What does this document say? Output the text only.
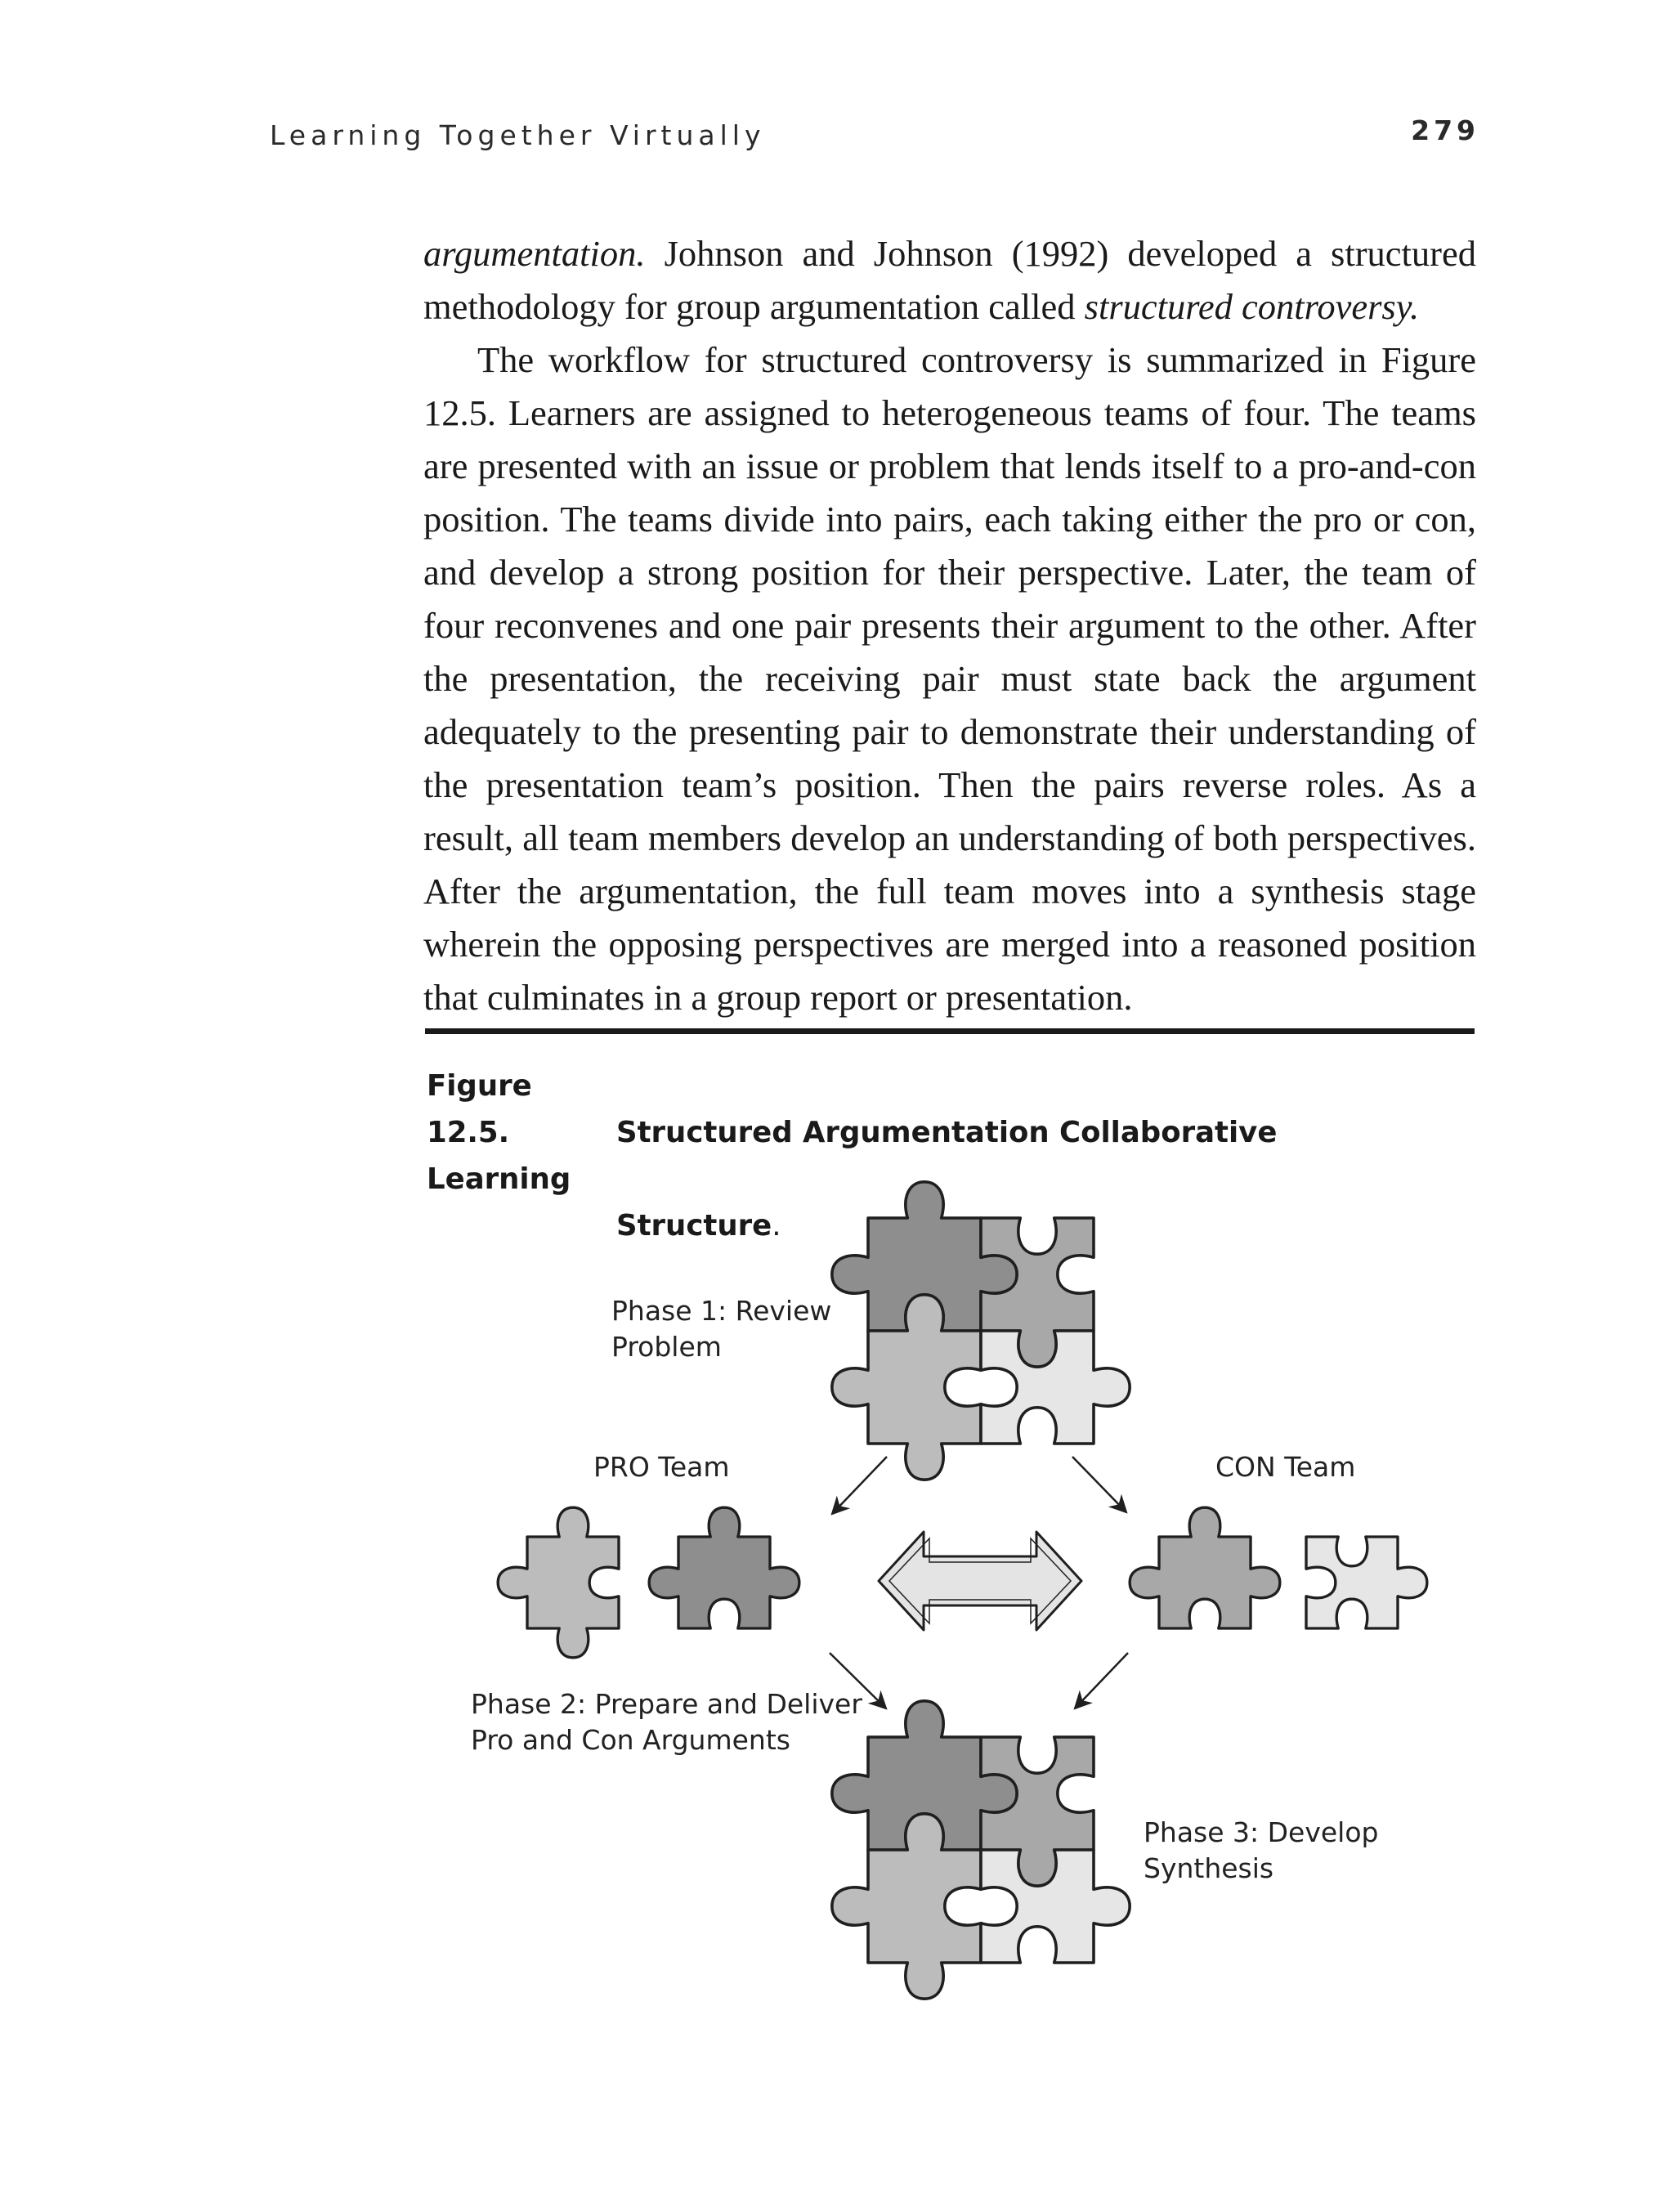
Learning Together Virtually	279

argumentation. Johnson and Johnson (1992) developed a structured methodology for group argumentation called structured controversy.

The workflow for structured controversy is summarized in Figure 12.5. Learners are assigned to heterogeneous teams of four. The teams are presented with an issue or problem that lends itself to a pro-and-con position. The teams divide into pairs, each taking either the pro or con, and develop a strong position for their perspective. Later, the team of four reconvenes and one pair presents their argument to the other. After the presentation, the receiving pair must state back the argument adequately to the presenting pair to demonstrate their understanding of the presentation team’s position. Then the pairs reverse roles. As a result, all team members develop an understanding of both perspectives. After the argumentation, the full team moves into a synthesis stage wherein the opposing perspectives are merged into a reasoned position that culminates in a group report or presentation.

Figure 12.5.	Structured Argumentation Collaborative Learning
Structure.
Phase 1: Review
Problem
PRO Team	CON Team
Phase 2: Prepare and Deliver
Pro and Con Arguments
Phase 3: Develop
Synthesis
